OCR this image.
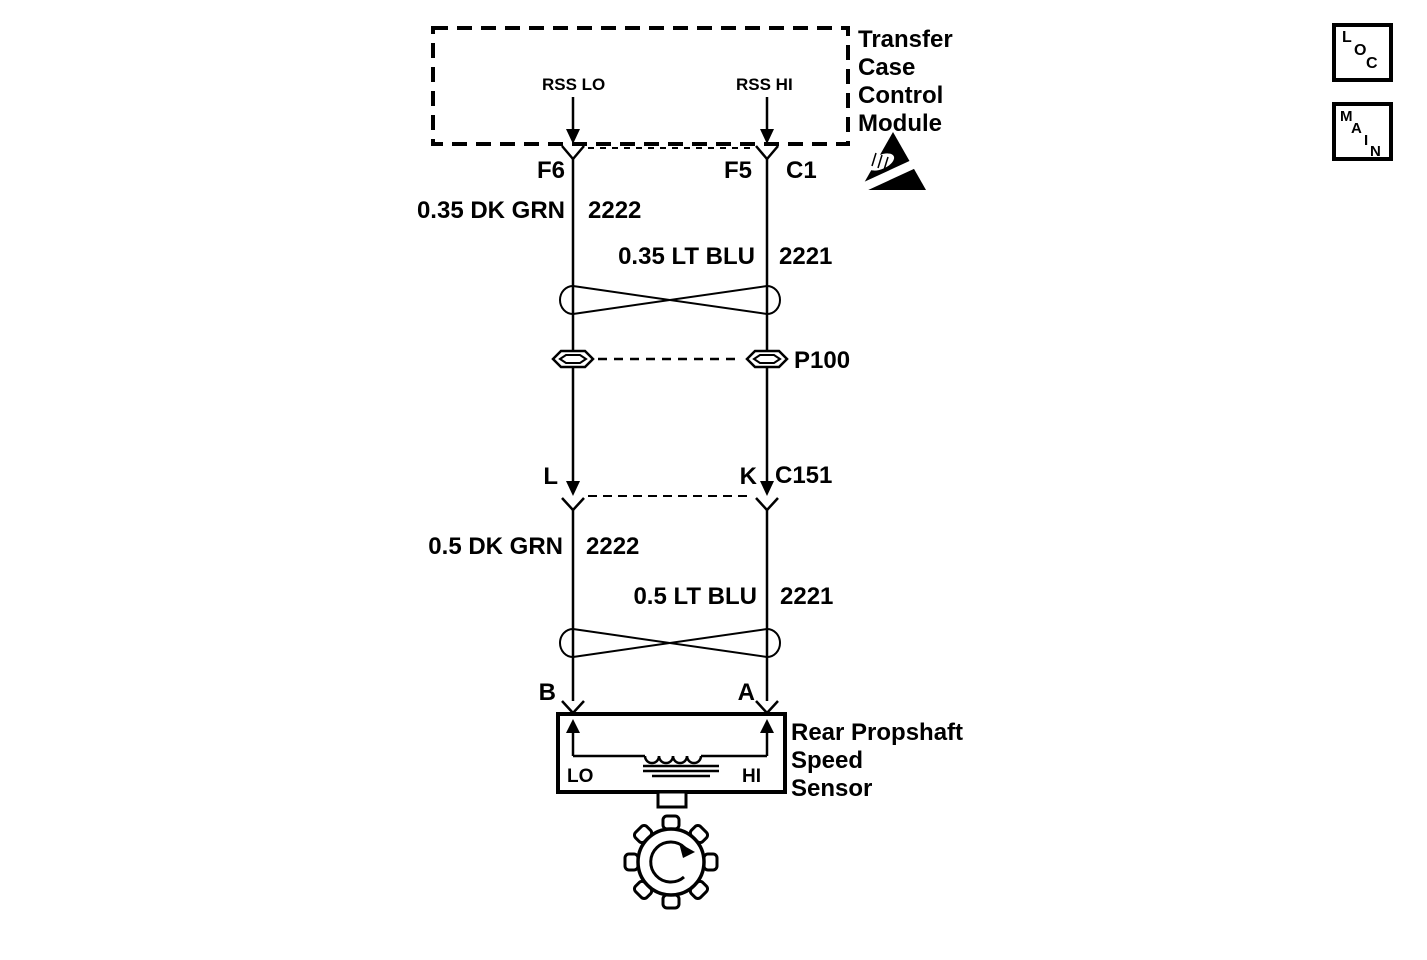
Transfer
Case
Control
Module
RSS LO	RSS HI
F6	F5 C1
0.35 DK GRN 2222
0.35 LT BLU 2221
P100
L	K C151
0.5 DK GRN 2222
0.5 LT BLU 2221
B	A
Rear Propshaft
Speed
Sensor
LO	HI
L
O
C
M
A
I
N
